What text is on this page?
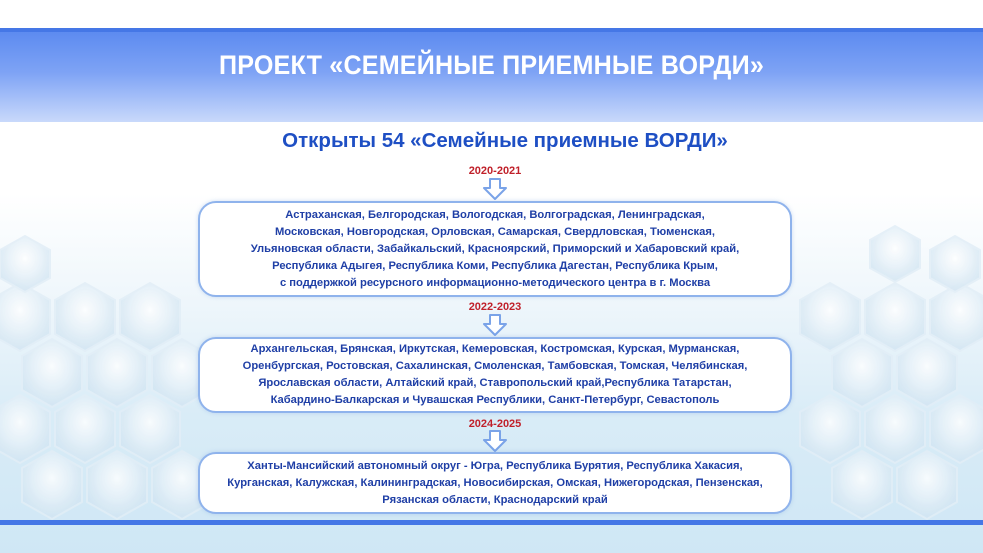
ПРОЕКТ «СЕМЕЙНЫЕ ПРИЕМНЫЕ ВОРДИ»
Открыты 54 «Семейные приемные ВОРДИ»
2020-2021
Астраханская, Белгородская, Вологодская, Волгоградская, Ленинградская,
Московская, Новгородская, Орловская, Самарская, Свердловская, Тюменская,
Ульяновская области, Забайкальский, Красноярский, Приморский и Хабаровский край,
Республика Адыгея, Республика Коми, Республика Дагестан, Республика Крым,
с поддержкой ресурсного информационно-методического центра в г. Москва
2022-2023
Архангельская, Брянская, Иркутская, Кемеровская, Костромская, Курская, Мурманская,
Оренбургская, Ростовская, Сахалинская, Смоленская, Тамбовская, Томская, Челябинская,
Ярославская области, Алтайский край, Ставропольский край,Республика Татарстан,
Кабардино-Балкарская и Чувашская Республики, Санкт-Петербург, Севастополь
2024-2025
Ханты-Мансийский автономный округ - Югра, Республика Бурятия, Республика Хакасия,
Курганская, Калужская, Калининградская, Новосибирская, Омская, Нижегородская, Пензенская,
Рязанская области, Краснодарский край
